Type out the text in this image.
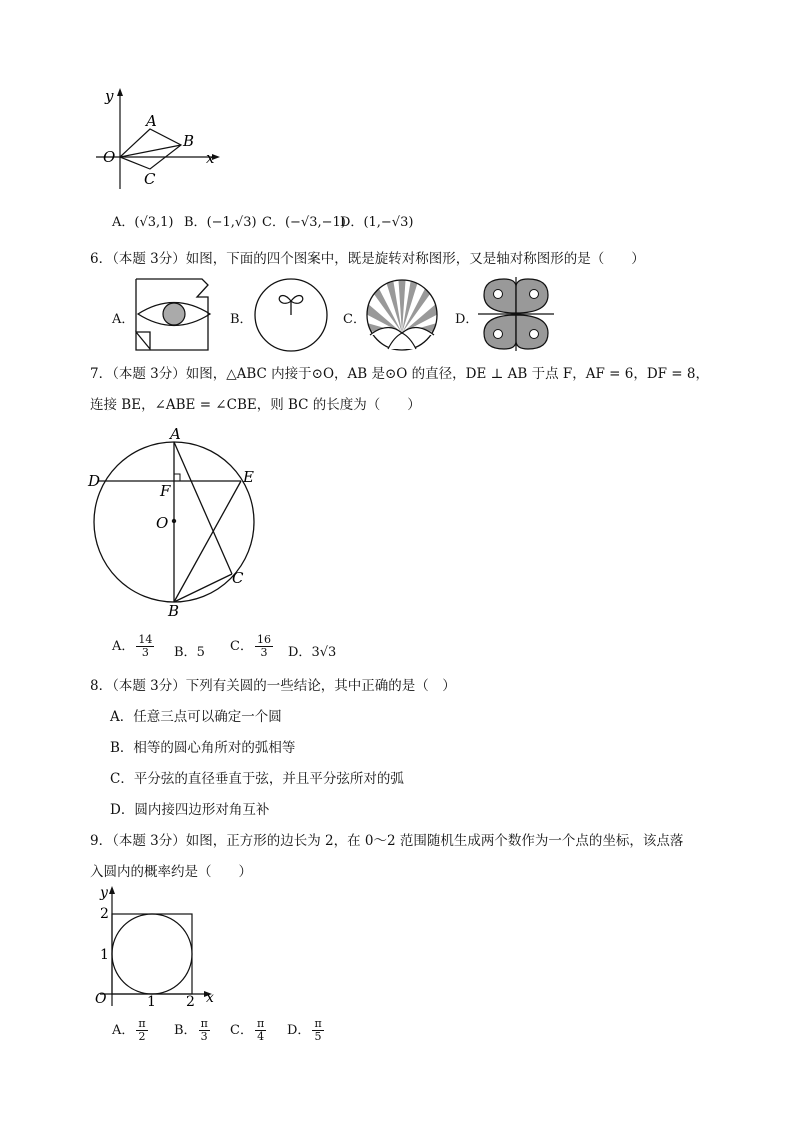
y
x
O
A
B
C
A．(√3,1) B．(−1,√3) C．(−√3,−1)
D．(1,−√3)
6．（本题 3分）如图，下面的四个图案中，既是旋转对称图形，又是轴对称图形的是（　　）
A．	B．	C．	D．
7．（本题 3分）如图，△ABC 内接于⊙O，AB 是⊙O 的直径，DE ⊥ AB 于点 F，AF = 6，DF = 8，
连接 BE，∠ABE = ∠CBE，则 BC 的长度为（　　）
A
D	E
F
O
C
B
A． $\frac{14}{3}$ B．5 C． $\frac{16}{3}$ D．3√3
8．（本题 3分）下列有关圆的一些结论，其中正确的是（　）
A．任意三点可以确定一个圆
B．相等的圆心角所对的弧相等
C．平分弦的直径垂直于弦，并且平分弦所对的弧
D．圆内接四边形对角互补
9．（本题 3分）如图，正方形的边长为 2，在 0～2 范围随机生成两个数作为一个点的坐标，该点落
入圆内的概率约是（　　）
y
x
O	1 2
1
2
A． $\frac{\pi}{2}$ B． $\frac{\pi}{3}$ C． $\frac{\pi}{4}$ D． $\frac{\pi}{5}$
